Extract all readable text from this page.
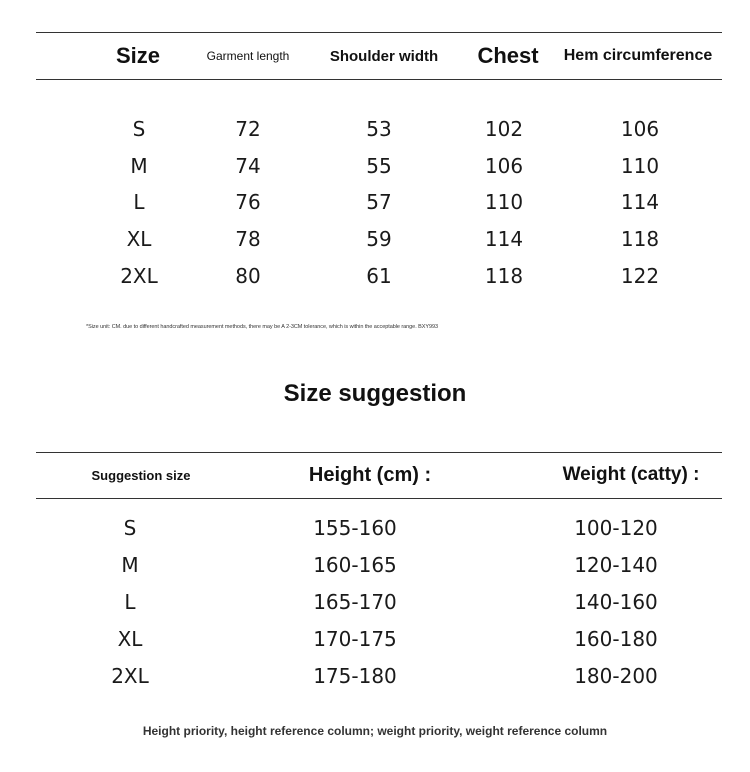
Size	Garment length	Shoulder width	Chest	Hem circumference
S	72	53	102	106
M	74	55	106	110
L	76	57	110	114
XL	78	59	114	118
2XL	80	61	118	122
*Size unit: CM. due to different handcrafted measurement methods, there may be A 2-3CM tolerance, which is within the acceptable range. BXY993
Size suggestion
Suggestion size	Height (cm) :	Weight (catty) :
S	155-160	100-120
M	160-165	120-140
L	165-170	140-160
XL	170-175	160-180
2XL	175-180	180-200
Height priority, height reference column; weight priority, weight reference column
